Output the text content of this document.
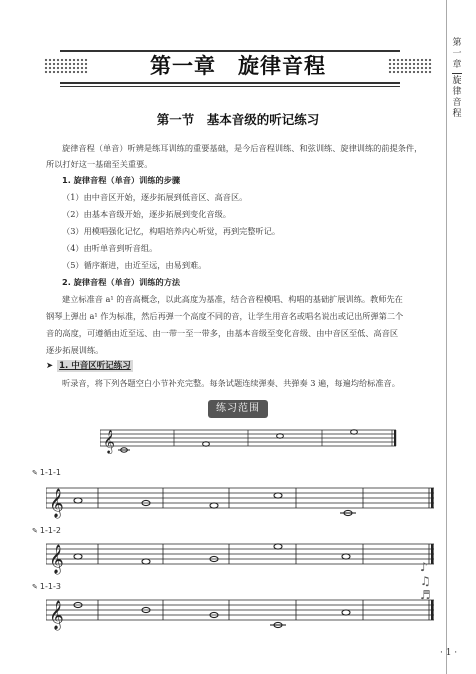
第一章　旋律音程
第一节　基本音级的听记练习
旋律音程（单音）听辨是练耳训练的重要基础，是今后音程训练、和弦训练、旋律训练的前提条件，
所以打好这一基础至关重要。
1. 旋律音程（单音）训练的步骤
（1）由中音区开始，逐步拓展到低音区、高音区。
（2）由基本音级开始，逐步拓展到变化音级。
（3）用模唱强化记忆，构唱培养内心听觉，再到完整听记。
（4）由听单音到听音组。
（5）循序渐进，由近至远，由易到难。
2. 旋律音程（单音）训练的方法
建立标准音 a¹ 的音高概念，以此高度为基准，结合音程模唱、构唱的基础扩展训练。教师先在
钢琴上弹出 a¹ 作为标准，然后再弹一个高度不同的音，让学生用音名或唱名说出或记出所弹第二个
音的高度，可遵循由近至远、由一带一至一带多，由基本音级至变化音级、由中音区至低、高音区
逐步拓展训练。
➤ 1. 中音区听记练习
听录音，将下列各题空白小节补充完整。每条试题连续弹奏、共弹奏 3 遍，每遍均给标准音。
练习范围
𝄞
✎ 1-1-1
𝄞
✎ 1-1-2
𝄞
✎ 1-1-3
𝄞
第
一
章
旋
律
音
程
♪
♫
♬
· 1 ·
